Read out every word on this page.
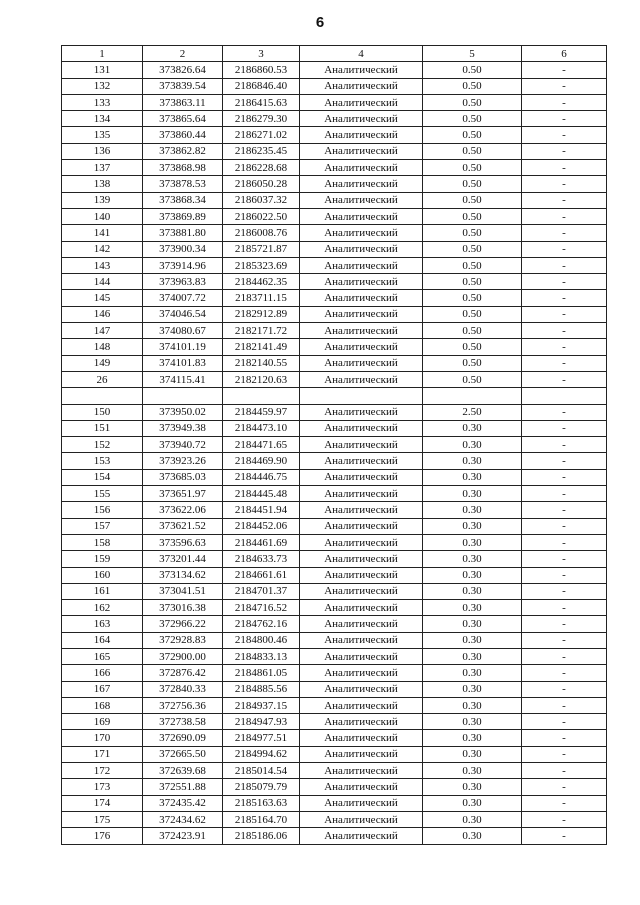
6
1	2	3	4	5	6
131	373826.64	2186860.53	Аналитический	0.50	-
132	373839.54	2186846.40	Аналитический	0.50	-
133	373863.11	2186415.63	Аналитический	0.50	-
134	373865.64	2186279.30	Аналитический	0.50	-
135	373860.44	2186271.02	Аналитический	0.50	-
136	373862.82	2186235.45	Аналитический	0.50	-
137	373868.98	2186228.68	Аналитический	0.50	-
138	373878.53	2186050.28	Аналитический	0.50	-
139	373868.34	2186037.32	Аналитический	0.50	-
140	373869.89	2186022.50	Аналитический	0.50	-
141	373881.80	2186008.76	Аналитический	0.50	-
142	373900.34	2185721.87	Аналитический	0.50	-
143	373914.96	2185323.69	Аналитический	0.50	-
144	373963.83	2184462.35	Аналитический	0.50	-
145	374007.72	2183711.15	Аналитический	0.50	-
146	374046.54	2182912.89	Аналитический	0.50	-
147	374080.67	2182171.72	Аналитический	0.50	-
148	374101.19	2182141.49	Аналитический	0.50	-
149	374101.83	2182140.55	Аналитический	0.50	-
26	374115.41	2182120.63	Аналитический	0.50	-

150	373950.02	2184459.97	Аналитический	2.50	-
151	373949.38	2184473.10	Аналитический	0.30	-
152	373940.72	2184471.65	Аналитический	0.30	-
153	373923.26	2184469.90	Аналитический	0.30	-
154	373685.03	2184446.75	Аналитический	0.30	-
155	373651.97	2184445.48	Аналитический	0.30	-
156	373622.06	2184451.94	Аналитический	0.30	-
157	373621.52	2184452.06	Аналитический	0.30	-
158	373596.63	2184461.69	Аналитический	0.30	-
159	373201.44	2184633.73	Аналитический	0.30	-
160	373134.62	2184661.61	Аналитический	0.30	-
161	373041.51	2184701.37	Аналитический	0.30	-
162	373016.38	2184716.52	Аналитический	0.30	-
163	372966.22	2184762.16	Аналитический	0.30	-
164	372928.83	2184800.46	Аналитический	0.30	-
165	372900.00	2184833.13	Аналитический	0.30	-
166	372876.42	2184861.05	Аналитический	0.30	-
167	372840.33	2184885.56	Аналитический	0.30	-
168	372756.36	2184937.15	Аналитический	0.30	-
169	372738.58	2184947.93	Аналитический	0.30	-
170	372690.09	2184977.51	Аналитический	0.30	-
171	372665.50	2184994.62	Аналитический	0.30	-
172	372639.68	2185014.54	Аналитический	0.30	-
173	372551.88	2185079.79	Аналитический	0.30	-
174	372435.42	2185163.63	Аналитический	0.30	-
175	372434.62	2185164.70	Аналитический	0.30	-
176	372423.91	2185186.06	Аналитический	0.30	-
